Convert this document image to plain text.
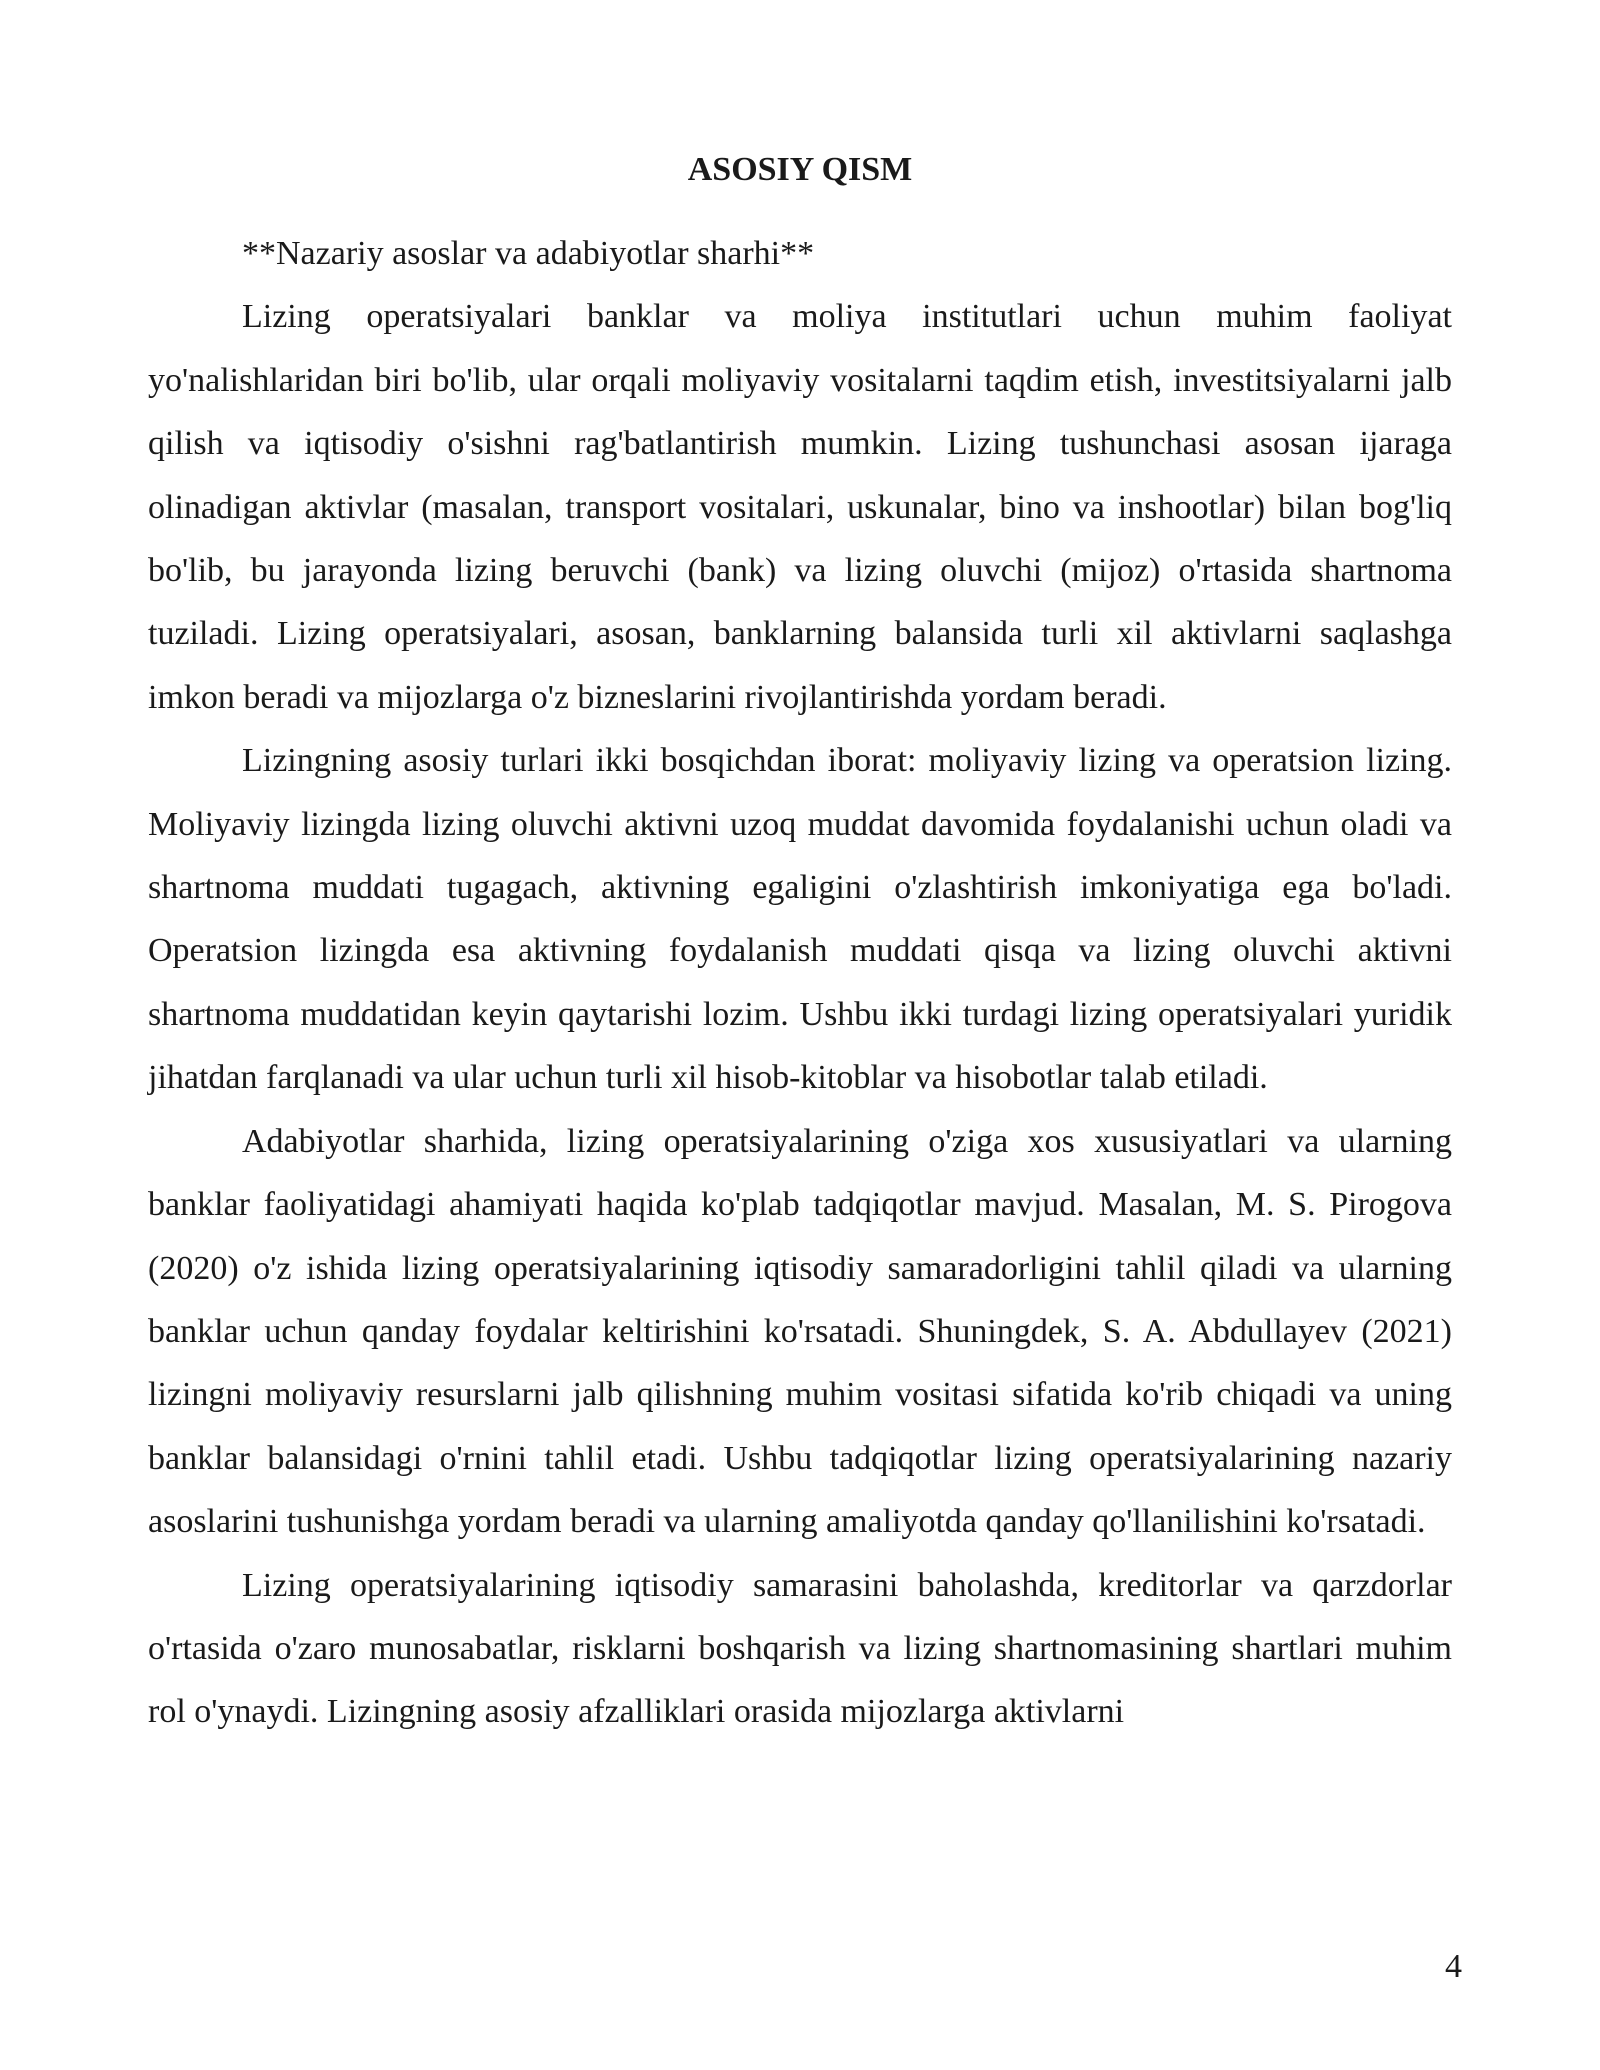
ASOSIY QISM

**Nazariy asoslar va adabiyotlar sharhi**

Lizing operatsiyalari banklar va moliya institutlari uchun muhim faoliyat yo'nalishlaridan biri bo'lib, ular orqali moliyaviy vositalarni taqdim etish, investitsiyalarni jalb qilish va iqtisodiy o'sishni rag'batlantirish mumkin. Lizing tushunchasi asosan ijaraga olinadigan aktivlar (masalan, transport vositalari, uskunalar, bino va inshootlar) bilan bog'liq bo'lib, bu jarayonda lizing beruvchi (bank) va lizing oluvchi (mijoz) o'rtasida shartnoma tuziladi. Lizing operatsiyalari, asosan, banklarning balansida turli xil aktivlarni saqlashga imkon beradi va mijozlarga o'z bizneslarini rivojlantirishda yordam beradi.

Lizingning asosiy turlari ikki bosqichdan iborat: moliyaviy lizing va operatsion lizing. Moliyaviy lizingda lizing oluvchi aktivni uzoq muddat davomida foydalanishi uchun oladi va shartnoma muddati tugagach, aktivning egaligini o'zlashtirish imkoniyatiga ega bo'ladi. Operatsion lizingda esa aktivning foydalanish muddati qisqa va lizing oluvchi aktivni shartnoma muddatidan keyin qaytarishi lozim. Ushbu ikki turdagi lizing operatsiyalari yuridik jihatdan farqlanadi va ular uchun turli xil hisob-kitoblar va hisobotlar talab etiladi.

Adabiyotlar sharhida, lizing operatsiyalarining o'ziga xos xususiyatlari va ularning banklar faoliyatidagi ahamiyati haqida ko'plab tadqiqotlar mavjud. Masalan, M. S. Pirogova (2020) o'z ishida lizing operatsiyalarining iqtisodiy samaradorligini tahlil qiladi va ularning banklar uchun qanday foydalar keltirishini ko'rsatadi. Shuningdek, S. A. Abdullayev (2021) lizingni moliyaviy resurslarni jalb qilishning muhim vositasi sifatida ko'rib chiqadi va uning banklar balansidagi o'rnini tahlil etadi. Ushbu tadqiqotlar lizing operatsiyalarining nazariy asoslarini tushunishga yordam beradi va ularning amaliyotda qanday qo'llanilishini ko'rsatadi.

Lizing operatsiyalarining iqtisodiy samarasini baholashda, kreditorlar va qarzdorlar o'rtasida o'zaro munosabatlar, risklarni boshqarish va lizing shartnomasining shartlari muhim rol o'ynaydi. Lizingning asosiy afzalliklari orasida mijozlarga aktivlarni

4
